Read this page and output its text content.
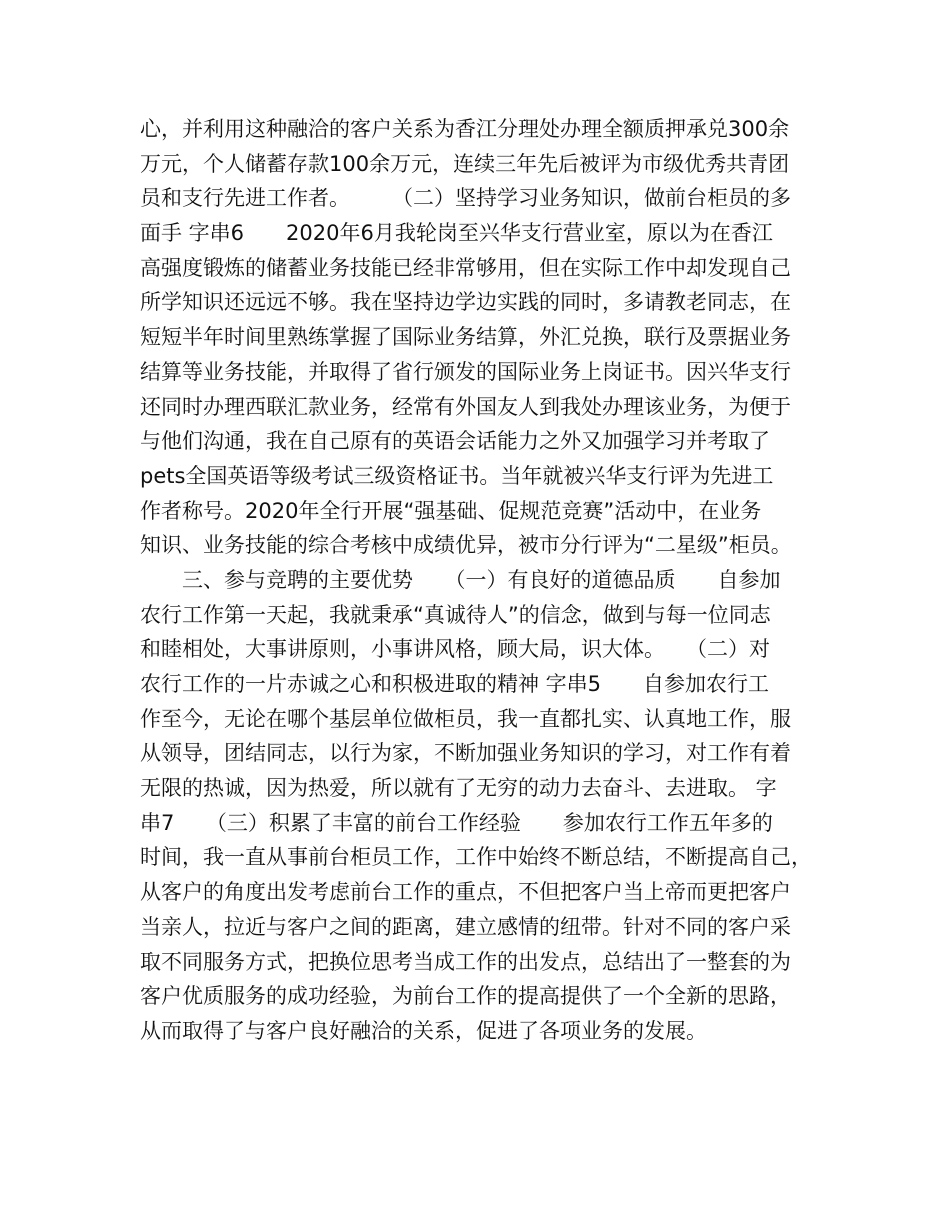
心，并利用这种融洽的客户关系为香江分理处办理全额质押承兑300余
万元，个人储蓄存款100余万元，连续三年先后被评为市级优秀共青团
员和支行先进工作者。　　　（二）坚持学习业务知识，做前台柜员的多
面手 字串6　　2020年6月我轮岗至兴华支行营业室，原以为在香江
高强度锻炼的储蓄业务技能已经非常够用，但在实际工作中却发现自己
所学知识还远远不够。我在坚持边学边实践的同时，多请教老同志，在
短短半年时间里熟练掌握了国际业务结算，外汇兑换，联行及票据业务
结算等业务技能，并取得了省行颁发的国际业务上岗证书。因兴华支行
还同时办理西联汇款业务，经常有外国友人到我处办理该业务，为便于
与他们沟通，我在自己原有的英语会话能力之外又加强学习并考取了
pets全国英语等级考试三级资格证书。当年就被兴华支行评为先进工
作者称号。2020年全行开展“强基础、促规范竞赛”活动中，在业务
知识、业务技能的综合考核中成绩优异，被市分行评为“二星级”柜员。
　　三、参与竞聘的主要优势　　（一）有良好的道德品质　　自参加
农行工作第一天起，我就秉承“真诚待人”的信念，做到与每一位同志
和睦相处，大事讲原则，小事讲风格，顾大局，识大体。　　（二）对
农行工作的一片赤诚之心和积极进取的精神 字串5　　自参加农行工
作至今，无论在哪个基层单位做柜员，我一直都扎实、认真地工作，服
从领导，团结同志，以行为家，不断加强业务知识的学习，对工作有着
无限的热诚，因为热爱，所以就有了无穷的动力去奋斗、去进取。 字
串7　　（三）积累了丰富的前台工作经验　　参加农行工作五年多的
时间，我一直从事前台柜员工作，工作中始终不断总结，不断提高自己，
从客户的角度出发考虑前台工作的重点，不但把客户当上帝而更把客户
当亲人，拉近与客户之间的距离，建立感情的纽带。针对不同的客户采
取不同服务方式，把换位思考当成工作的出发点，总结出了一整套的为
客户优质服务的成功经验，为前台工作的提高提供了一个全新的思路，
从而取得了与客户良好融洽的关系，促进了各项业务的发展。
